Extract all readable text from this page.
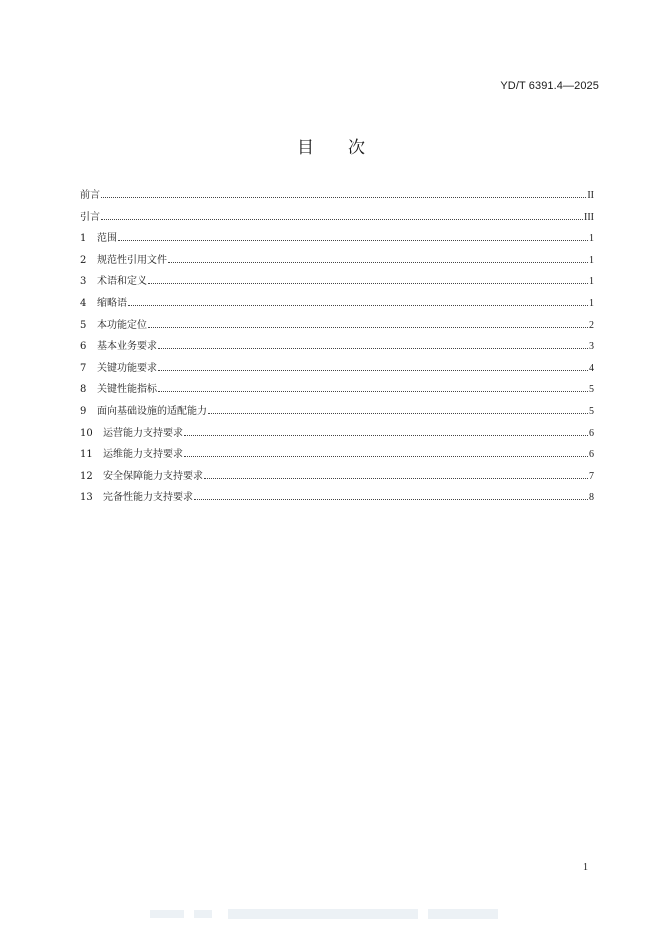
YD/T 6391.4—2025
目次
前言	II
引言	III
1	范围	1
2	规范性引用文件	1
3	术语和定义	1
4	缩略语	1
5	本功能定位	2
6	基本业务要求	3
7	关键功能要求	4
8	关键性能指标	5
9	面向基础设施的适配能力	5
10	运营能力支持要求	6
11	运维能力支持要求	6
12	安全保障能力支持要求	7
13	完备性能力支持要求	8
1
